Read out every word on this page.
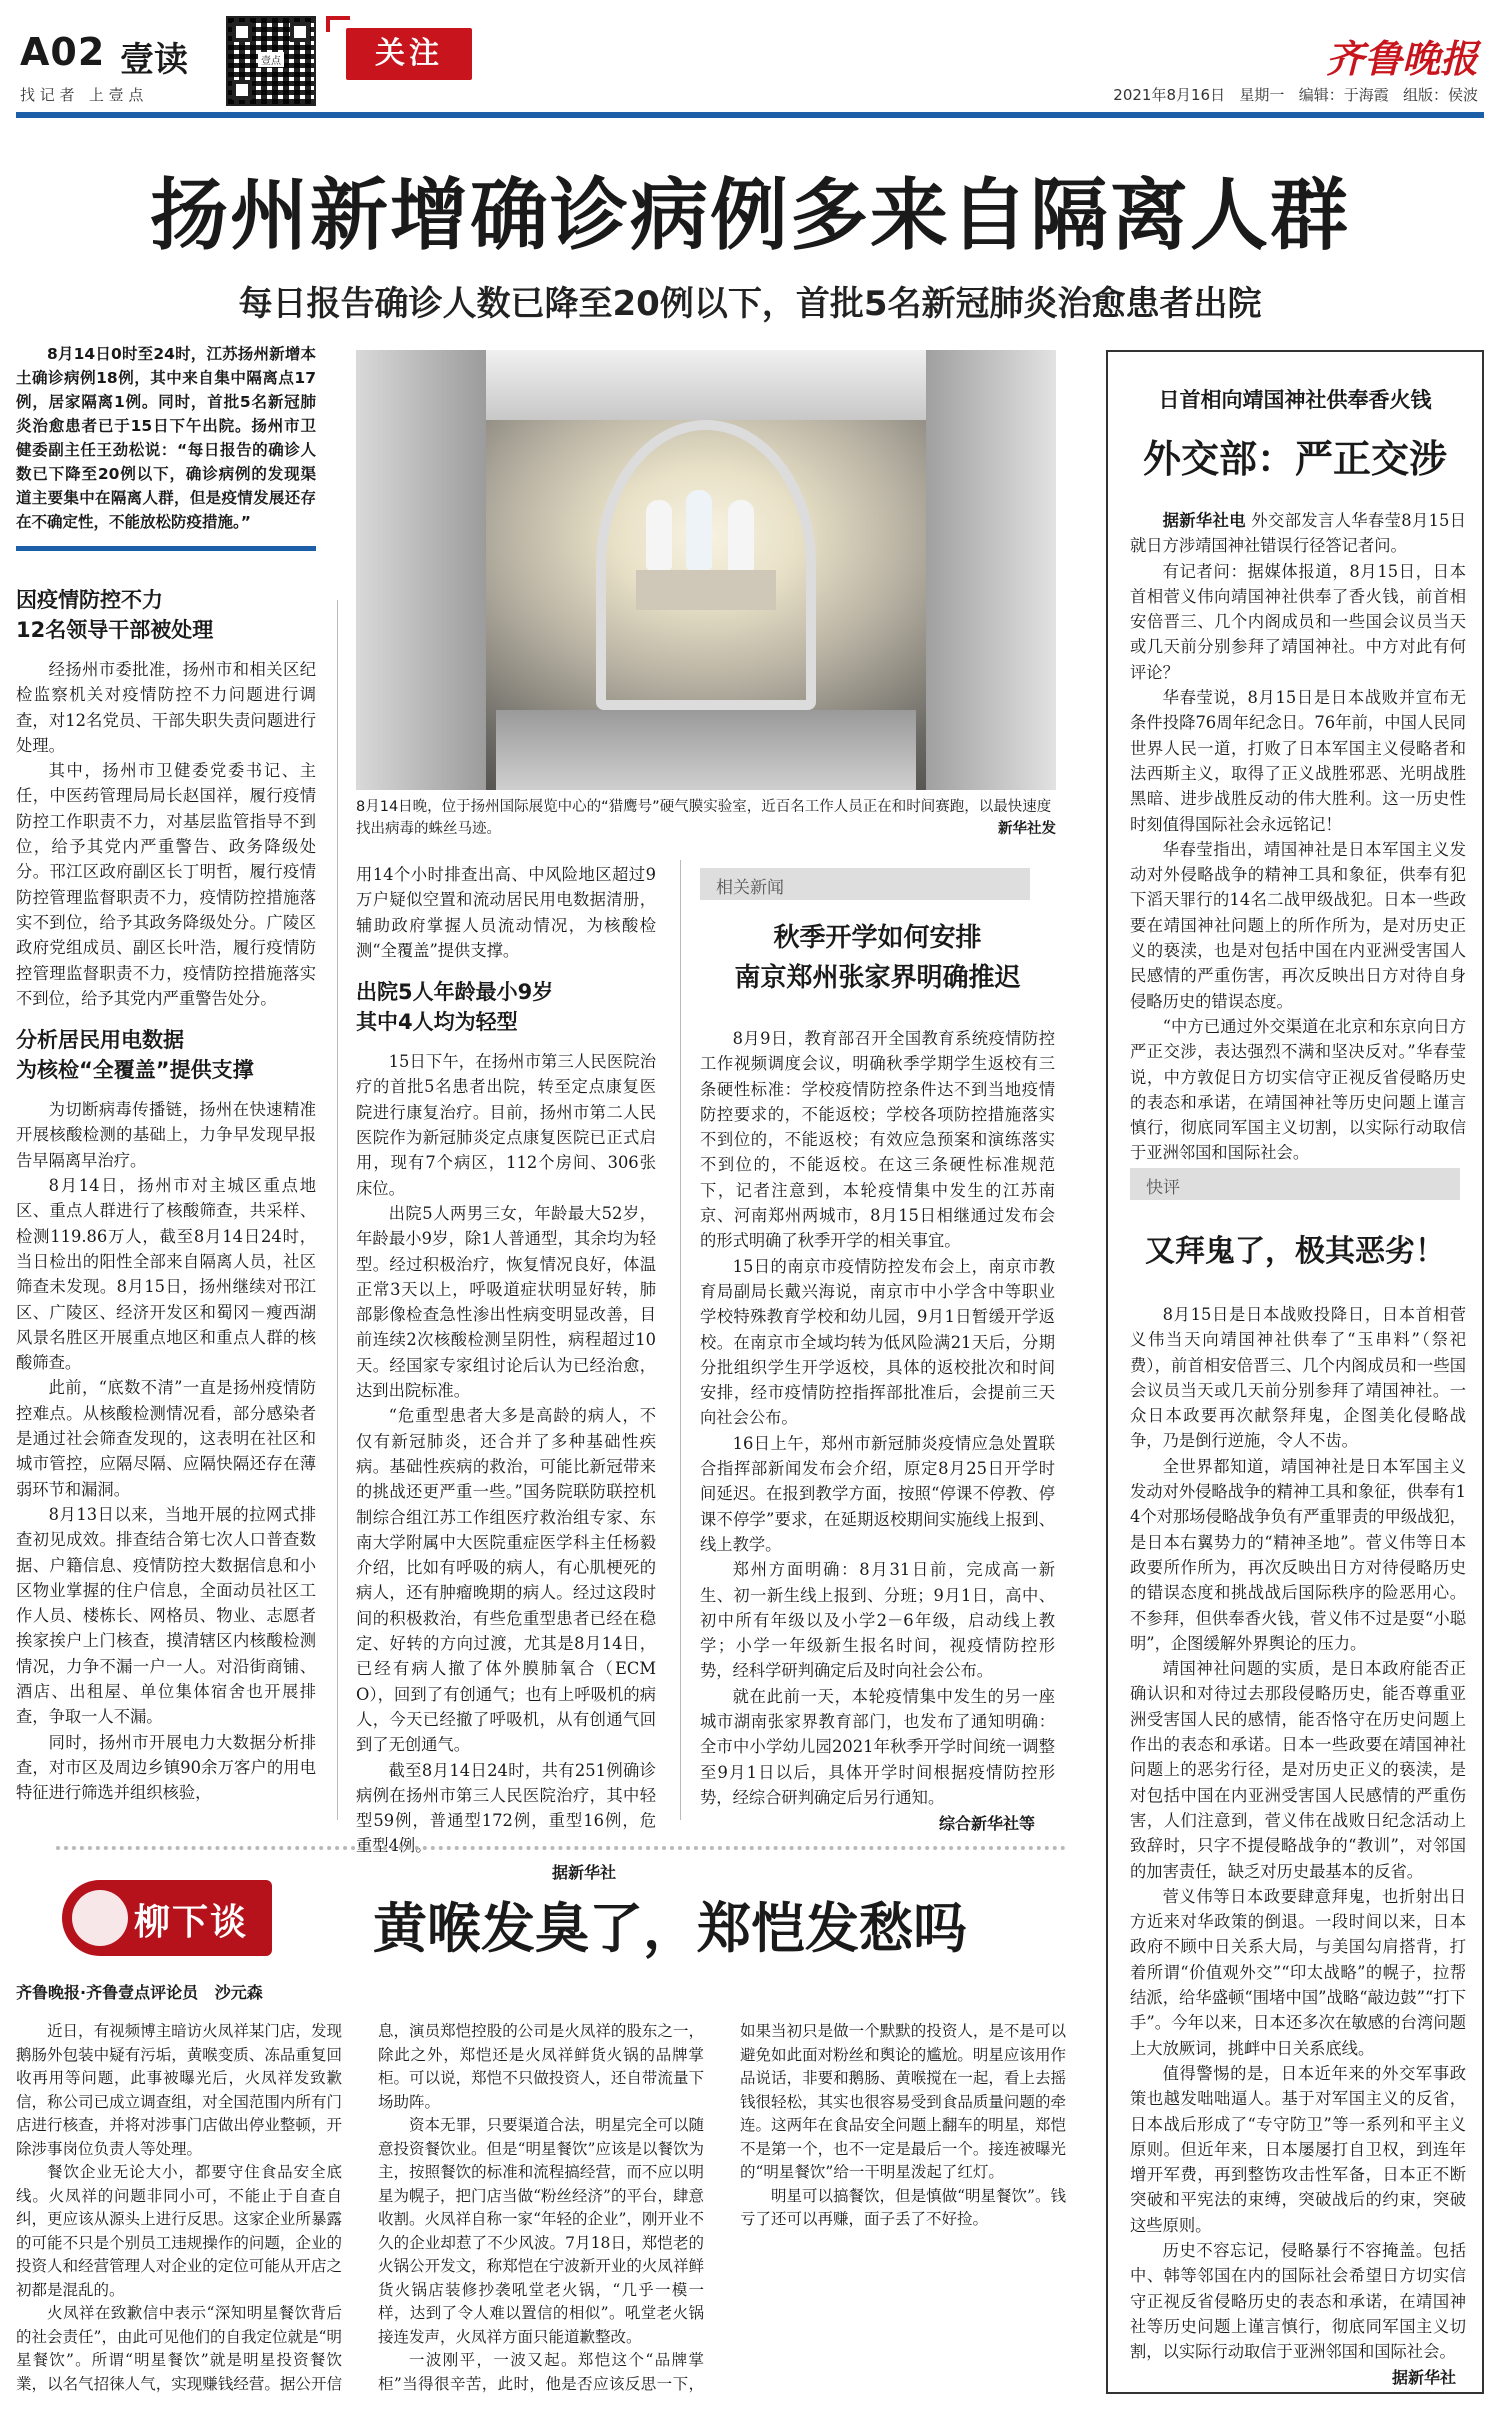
A02 壹读
找 记 者   上 壹 点
壹点	关注	齐鲁晚报
2021年8月16日   星期一   编辑：于海霞   组版：侯波
扬州新增确诊病例多来自隔离人群
每日报告确诊人数已降至20例以下，首批5名新冠肺炎治愈患者出院

8月14日0时至24时，江苏扬州新增本土确诊病例18例，其中来自集中隔离点17例，居家隔离1例。同时，首批5名新冠肺炎治愈患者已于15日下午出院。扬州市卫健委副主任王劲松说：“每日报告的确诊人数已下降至20例以下，确诊病例的发现渠道主要集中在隔离人群，但是疫情发展还存在不确定性，不能放松防疫措施。”

因疫情防控不力
12名领导干部被处理

经扬州市委批准，扬州市和相关区纪检监察机关对疫情防控不力问题进行调查，对12名党员、干部失职失责问题进行处理。

其中，扬州市卫健委党委书记、主任，中医药管理局局长赵国祥，履行疫情防控工作职责不力，对基层监管指导不到位，给予其党内严重警告、政务降级处分。邗江区政府副区长丁明哲，履行疫情防控管理监督职责不力，疫情防控措施落实不到位，给予其政务降级处分。广陵区政府党组成员、副区长叶浩，履行疫情防控管理监督职责不力，疫情防控措施落实不到位，给予其党内严重警告处分。

分析居民用电数据
为核检“全覆盖”提供支撑

为切断病毒传播链，扬州在快速精准开展核酸检测的基础上，力争早发现早报告早隔离早治疗。

8月14日，扬州市对主城区重点地区、重点人群进行了核酸筛查，共采样、检测119.86万人，截至8月14日24时，当日检出的阳性全部来自隔离人员，社区筛查未发现。8月15日，扬州继续对邗江区、广陵区、经济开发区和蜀冈－瘦西湖风景名胜区开展重点地区和重点人群的核酸筛查。

此前，“底数不清”一直是扬州疫情防控难点。从核酸检测情况看，部分感染者是通过社会筛查发现的，这表明在社区和城市管控，应隔尽隔、应隔快隔还存在薄弱环节和漏洞。

8月13日以来，当地开展的拉网式排查初见成效。排查结合第七次人口普查数据、户籍信息、疫情防控大数据信息和小区物业掌握的住户信息，全面动员社区工作人员、楼栋长、网格员、物业、志愿者挨家挨户上门核查，摸清辖区内核酸检测情况，力争不漏一户一人。对沿街商铺、酒店、出租屋、单位集体宿舍也开展排查，争取一人不漏。

同时，扬州市开展电力大数据分析排查，对市区及周边乡镇90余万客户的用电特征进行筛选并组织核验，

8月14日晚，位于扬州国际展览中心的“猎鹰号”硬气膜实验室，近百名工作人员正在和时间赛跑，以最快速度找出病毒的蛛丝马迹。	新华社发

用14个小时排查出高、中风险地区超过9万户疑似空置和流动居民用电数据清册，辅助政府掌握人员流动情况，为核酸检测“全覆盖”提供支撑。

出院5人年龄最小9岁
其中4人均为轻型

15日下午，在扬州市第三人民医院治疗的首批5名患者出院，转至定点康复医院进行康复治疗。目前，扬州市第二人民医院作为新冠肺炎定点康复医院已正式启用，现有7个病区，112个房间、306张床位。

出院5人两男三女，年龄最大52岁，年龄最小9岁，除1人普通型，其余均为轻型。经过积极治疗，恢复情况良好，体温正常3天以上，呼吸道症状明显好转，肺部影像检查急性渗出性病变明显改善，目前连续2次核酸检测呈阴性，病程超过10天。经国家专家组讨论后认为已经治愈，达到出院标准。

“危重型患者大多是高龄的病人，不仅有新冠肺炎，还合并了多种基础性疾病。基础性疾病的救治，可能比新冠带来的挑战还更严重一些。”国务院联防联控机制综合组江苏工作组医疗救治组专家、东南大学附属中大医院重症医学科主任杨毅介绍，比如有呼吸的病人，有心肌梗死的病人，还有肿瘤晚期的病人。经过这段时间的积极救治，有些危重型患者已经在稳定、好转的方向过渡，尤其是8月14日，已经有病人撤了体外膜肺氧合（ECMO），回到了有创通气；也有上呼吸机的病人，今天已经撤了呼吸机，从有创通气回到了无创通气。

截至8月14日24时，共有251例确诊病例在扬州市第三人民医院治疗，其中轻型59例，普通型172例，重型16例，危重型4例。

据新华社
相关新闻
秋季开学如何安排
南京郑州张家界明确推迟

8月9日，教育部召开全国教育系统疫情防控工作视频调度会议，明确秋季学期学生返校有三条硬性标准：学校疫情防控条件达不到当地疫情防控要求的，不能返校；学校各项防控措施落实不到位的，不能返校；有效应急预案和演练落实不到位的，不能返校。在这三条硬性标准规范下，记者注意到，本轮疫情集中发生的江苏南京、河南郑州两城市，8月15日相继通过发布会的形式明确了秋季开学的相关事宜。

15日的南京市疫情防控发布会上，南京市教育局副局长戴兴海说，南京市中小学含中等职业学校特殊教育学校和幼儿园，9月1日暂缓开学返校。在南京市全域均转为低风险满21天后，分期分批组织学生开学返校，具体的返校批次和时间安排，经市疫情防控指挥部批准后，会提前三天向社会公布。

16日上午，郑州市新冠肺炎疫情应急处置联合指挥部新闻发布会介绍，原定8月25日开学时间延迟。在报到教学方面，按照“停课不停教、停课不停学”要求，在延期返校期间实施线上报到、线上教学。

郑州方面明确：8月31日前，完成高一新生、初一新生线上报到、分班；9月1日，高中、初中所有年级以及小学2－6年级，启动线上教学；小学一年级新生报名时间，视疫情防控形势，经科学研判确定后及时向社会公布。

就在此前一天，本轮疫情集中发生的另一座城市湖南张家界教育部门，也发布了通知明确：全市中小学幼儿园2021年秋季开学时间统一调整至9月1日以后，具体开学时间根据疫情防控形势，经综合研判确定后另行通知。

综合新华社等
日首相向靖国神社供奉香火钱
外交部：严正交涉

据新华社电 外交部发言人华春莹8月15日就日方涉靖国神社错误行径答记者问。

有记者问：据媒体报道，8月15日，日本首相菅义伟向靖国神社供奉了香火钱，前首相安倍晋三、几个内阁成员和一些国会议员当天或几天前分别参拜了靖国神社。中方对此有何评论？

华春莹说，8月15日是日本战败并宣布无条件投降76周年纪念日。76年前，中国人民同世界人民一道，打败了日本军国主义侵略者和法西斯主义，取得了正义战胜邪恶、光明战胜黑暗、进步战胜反动的伟大胜利。这一历史性时刻值得国际社会永远铭记！

华春莹指出，靖国神社是日本军国主义发动对外侵略战争的精神工具和象征，供奉有犯下滔天罪行的14名二战甲级战犯。日本一些政要在靖国神社问题上的所作所为，是对历史正义的亵渎，也是对包括中国在内亚洲受害国人民感情的严重伤害，再次反映出日方对待自身侵略历史的错误态度。

“中方已通过外交渠道在北京和东京向日方严正交涉，表达强烈不满和坚决反对。”华春莹说，中方敦促日方切实信守正视反省侵略历史的表态和承诺，在靖国神社等历史问题上谨言慎行，彻底同军国主义切割，以实际行动取信于亚洲邻国和国际社会。

快评
又拜鬼了，极其恶劣！

8月15日是日本战败投降日，日本首相菅义伟当天向靖国神社供奉了“玉串料”（祭祀费），前首相安倍晋三、几个内阁成员和一些国会议员当天或几天前分别参拜了靖国神社。一众日本政要再次献祭拜鬼，企图美化侵略战争，乃是倒行逆施，令人不齿。

全世界都知道，靖国神社是日本军国主义发动对外侵略战争的精神工具和象征，供奉有14个对那场侵略战争负有严重罪责的甲级战犯，是日本右翼势力的“精神圣地”。菅义伟等日本政要所作所为，再次反映出日方对待侵略历史的错误态度和挑战战后国际秩序的险恶用心。不参拜，但供奉香火钱，菅义伟不过是耍“小聪明”，企图缓解外界舆论的压力。

靖国神社问题的实质，是日本政府能否正确认识和对待过去那段侵略历史，能否尊重亚洲受害国人民的感情，能否恪守在历史问题上作出的表态和承诺。日本一些政要在靖国神社问题上的恶劣行径，是对历史正义的亵渎，是对包括中国在内亚洲受害国人民感情的严重伤害，人们注意到，菅义伟在战败日纪念活动上致辞时，只字不提侵略战争的“教训”，对邻国的加害责任，缺乏对历史最基本的反省。

菅义伟等日本政要肆意拜鬼，也折射出日方近来对华政策的倒退。一段时间以来，日本政府不顾中日关系大局，与美国勾肩搭背，打着所谓“价值观外交”“印太战略”的幌子，拉帮结派，给华盛顿“围堵中国”战略“敲边鼓”“打下手”。今年以来，日本还多次在敏感的台湾问题上大放厥词，挑衅中日关系底线。

值得警惕的是，日本近年来的外交军事政策也越发咄咄逼人。基于对军国主义的反省，日本战后形成了“专守防卫”等一系列和平主义原则。但近年来，日本屡屡打自卫权，到连年增开军费，再到整饬攻击性军备，日本正不断突破和平宪法的束缚，突破战后的约束，突破这些原则。

历史不容忘记，侵略暴行不容掩盖。包括中、韩等邻国在内的国际社会希望日方切实信守正视反省侵略历史的表态和承诺，在靖国神社等历史问题上谨言慎行，彻底同军国主义切割，以实际行动取信于亚洲邻国和国际社会。

据新华社
柳下谈	黄喉发臭了，郑恺发愁吗
齐鲁晚报·齐鲁壹点评论员   沙元森

近日，有视频博主暗访火凤祥某门店，发现鹅肠外包装中疑有污垢，黄喉变质、冻品重复回收再用等问题，此事被曝光后，火凤祥发致歉信，称公司已成立调查组，对全国范围内所有门店进行核查，并将对涉事门店做出停业整顿，开除涉事岗位负责人等处理。

餐饮企业无论大小，都要守住食品安全底线。火凤祥的问题非同小可，不能止于自查自纠，更应该从源头上进行反思。这家企业所暴露的可能不只是个别员工违规操作的问题，企业的投资人和经营管理人对企业的定位可能从开店之初都是混乱的。

火凤祥在致歉信中表示“深知明星餐饮背后的社会责任”，由此可见他们的自我定位就是“明星餐饮”。所谓“明星餐饮”就是明星投资餐饮業，以名气招徕人气，实现赚钱经营。据公开信息，演员郑恺控股的公司是火凤祥的股东之一，除此之外，郑恺还是火凤祥鲜货火锅的品牌掌柜。可以说，郑恺不只做投资人，还自带流量下场助阵。

资本无罪，只要渠道合法，明星完全可以随意投资餐饮业。但是“明星餐饮”应该是以餐饮为主，按照餐饮的标准和流程搞经营，而不应以明星为幌子，把门店当做“粉丝经济”的平台，肆意收割。火凤祥自称一家“年轻的企业”，刚开业不久的企业却惹了不少风波。7月18日，郑恺老的火锅公开发文，称郑恺在宁波新开业的火凤祥鲜货火锅店装修抄袭吼堂老火锅，“几乎一模一样，达到了令人难以置信的相似”。吼堂老火锅接连发声，火凤祥方面只能道歉整改。

一波刚平，一波又起。郑恺这个“品牌掌柜”当得很辛苦，此时，他是否应该反思一下，如果当初只是做一个默默的投资人，是不是可以避免如此面对粉丝和舆论的尴尬。明星应该用作品说话，非要和鹅肠、黄喉搅在一起，看上去摇钱很轻松，其实也很容易受到食品质量问题的牵连。这两年在食品安全问题上翻车的明星，郑恺不是第一个，也不一定是最后一个。接连被曝光的“明星餐饮”给一干明星泼起了红灯。

明星可以搞餐饮，但是慎做“明星餐饮”。钱亏了还可以再赚，面子丢了不好捡。
